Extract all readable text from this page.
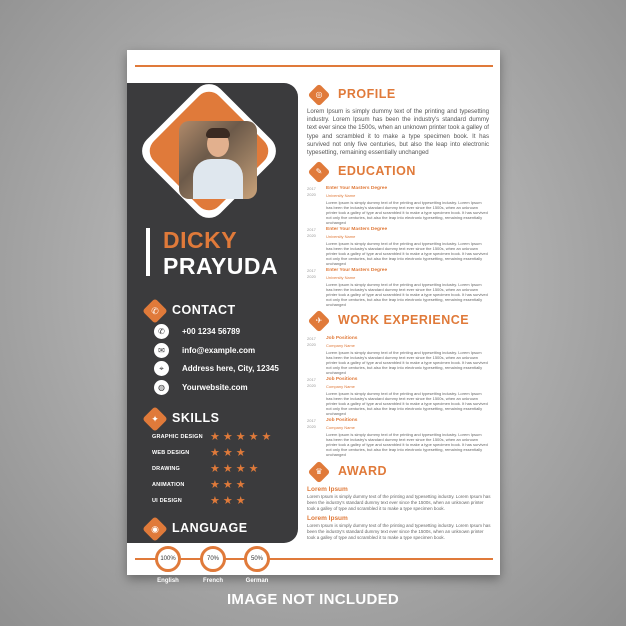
DICKY
PRAYUDA
✆	CONTACT
✆	+00 1234 56789
✉	info@example.com
⌖	Address here, City, 12345
◍	Yourwebsite.com
✦	SKILLS
GRAPHIC DESIGN ★★★★★
WEB DESIGN ★★★
DRAWING	★★★★
ANIMATION ★★★
UI DESIGN	★★★
◉	LANGUAGE
100%
English
70%
French
50%
German
◎	PROFILE
Lorem Ipsum is simply dummy text of the printing and typesetting industry. Lorem Ipsum has been the industry's standard dummy text ever since the 1500s, when an unknown printer took a galley of type and scrambled it to make a type specimen book. It has survived not only five centuries, but also the leap into electronic typesetting, remaining essentially unchanged
✎	EDUCATION
2017
2020
Enter Your Masters Degree
University Name
Lorem Ipsum is simply dummy text of the printing and typesetting industry. Lorem Ipsum has been the industry's standard dummy text ever since the 1500s, when an unknown printer took a galley of type and scrambled it to make a type specimen book. It has survived not only five centuries, but also the leap into electronic typesetting, remaining essentially unchanged
2017
2020
Enter Your Masters Degree
University Name
Lorem Ipsum is simply dummy text of the printing and typesetting industry. Lorem Ipsum has been the industry's standard dummy text ever since the 1500s, when an unknown printer took a galley of type and scrambled it to make a type specimen book. It has survived not only five centuries, but also the leap into electronic typesetting, remaining essentially unchanged
2017
2020
Enter Your Masters Degree
University Name
Lorem Ipsum is simply dummy text of the printing and typesetting industry. Lorem Ipsum has been the industry's standard dummy text ever since the 1500s, when an unknown printer took a galley of type and scrambled it to make a type specimen book. It has survived not only five centuries, but also the leap into electronic typesetting, remaining essentially unchanged
✈	WORK EXPERIENCE
2017
2020
Job Positions
Company Name
Lorem Ipsum is simply dummy text of the printing and typesetting industry. Lorem Ipsum has been the industry's standard dummy text ever since the 1500s, when an unknown printer took a galley of type and scrambled it to make a type specimen book. It has survived not only five centuries, but also the leap into electronic typesetting, remaining essentially unchanged
2017
2020
Job Positions
Company Name
Lorem Ipsum is simply dummy text of the printing and typesetting industry. Lorem Ipsum has been the industry's standard dummy text ever since the 1500s, when an unknown printer took a galley of type and scrambled it to make a type specimen book. It has survived not only five centuries, but also the leap into electronic typesetting, remaining essentially unchanged
2017
2020
Job Positions
Company Name
Lorem Ipsum is simply dummy text of the printing and typesetting industry. Lorem Ipsum has been the industry's standard dummy text ever since the 1500s, when an unknown printer took a galley of type and scrambled it to make a type specimen book. It has survived not only five centuries, but also the leap into electronic typesetting, remaining essentially unchanged
♛	AWARD
Lorem Ipsum
Lorem Ipsum is simply dummy text of the printing and typesetting industry. Lorem Ipsum has been the industry's standard dummy text ever since the 1500s, when an unknown printer took a galley of type and scrambled it to make a type specimen book.
Lorem Ipsum
Lorem Ipsum is simply dummy text of the printing and typesetting industry. Lorem Ipsum has been the industry's standard dummy text ever since the 1500s, when an unknown printer took a galley of type and scrambled it to make a type specimen book.
IMAGE NOT INCLUDED
